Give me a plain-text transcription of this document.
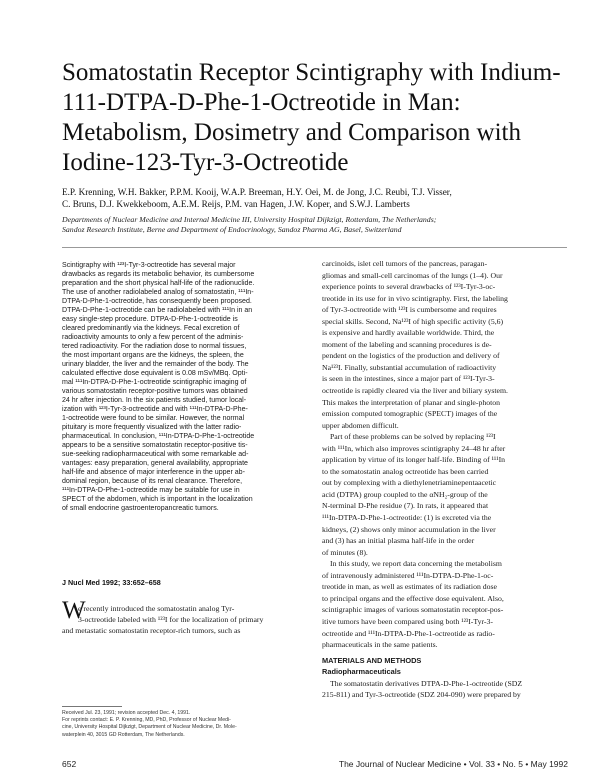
Somatostatin Receptor Scintigraphy with Indium-
111-DTPA-D-Phe-1-Octreotide in Man:
Metabolism, Dosimetry and Comparison with
Iodine-123-Tyr-3-Octreotide
E.P. Krenning, W.H. Bakker, P.P.M. Kooij, W.A.P. Breeman, H.Y. Oei, M. de Jong, J.C. Reubi, T.J. Visser,
C. Bruns, D.J. Kwekkeboom, A.E.M. Reijs, P.M. van Hagen, J.W. Koper, and S.W.J. Lamberts
Departments of Nuclear Medicine and Internal Medicine III, University Hospital Dijkzigt, Rotterdam, The Netherlands;
Sandoz Research Institute, Berne and Department of Endocrinology, Sandoz Pharma AG, Basel, Switzerland
Scintigraphy with ¹²³I-Tyr-3-octreotide has several major
drawbacks as regards its metabolic behavior, its cumbersome
preparation and the short physical half-life of the radionuclide.
The use of another radiolabeled analog of somatostatin, ¹¹¹In-
DTPA-D-Phe-1-octreotide, has consequently been proposed.
DTPA-D-Phe-1-octreotide can be radiolabeled with ¹¹¹In in an
easy single-step procedure. DTPA-D-Phe-1-octreotide is
cleared predominantly via the kidneys. Fecal excretion of
radioactivity amounts to only a few percent of the adminis-
tered radioactivity. For the radiation dose to normal tissues,
the most important organs are the kidneys, the spleen, the
urinary bladder, the liver and the remainder of the body. The
calculated effective dose equivalent is 0.08 mSv/MBq. Opti-
mal ¹¹¹In-DTPA-D-Phe-1-octreotide scintigraphic imaging of
various somatostatin receptor-positive tumors was obtained
24 hr after injection. In the six patients studied, tumor local-
ization with ¹²³I-Tyr-3-octreotide and with ¹¹¹In-DTPA-D-Phe-
1-octreotide were found to be similar. However, the normal
pituitary is more frequently visualized with the latter radio-
pharmaceutical. In conclusion, ¹¹¹In-DTPA-D-Phe-1-octreotide
appears to be a sensitive somatostatin receptor-positive tis-
sue-seeking radiopharmaceutical with some remarkable ad-
vantages: easy preparation, general availability, appropriate
half-life and absence of major interference in the upper ab-
dominal region, because of its renal clearance. Therefore,
¹¹¹In-DTPA-D-Phe-1-octreotide may be suitable for use in
SPECT of the abdomen, which is important in the localization
of small endocrine gastroenteropancreatic tumors.
J Nucl Med 1992; 33:652–658
W
e recently introduced the somatostatin analog Tyr-
3-octreotide labeled with ¹²³I for the localization of primary
and metastatic somatostatin receptor-rich tumors, such as
Received Jul. 23, 1991; revision accepted Dec. 4, 1991.
For reprints contact: E. P. Krenning, MD, PhD, Professor of Nuclear Medi-
cine, University Hospital Dijkzigt, Department of Nuclear Medicine, Dr. Mole-
waterplein 40, 3015 GD Rotterdam, The Netherlands.
carcinoids, islet cell tumors of the pancreas, paragan-
gliomas and small-cell carcinomas of the lungs (1–4). Our
experience points to several drawbacks of ¹²³I-Tyr-3-oc-
treotide in its use for in vivo scintigraphy. First, the labeling
of Tyr-3-octreotide with ¹²³I is cumbersome and requires
special skills. Second, Na¹²³I of high specific activity (5,6)
is expensive and hardly available worldwide. Third, the
moment of the labeling and scanning procedures is de-
pendent on the logistics of the production and delivery of
Na¹²³I. Finally, substantial accumulation of radioactivity
is seen in the intestines, since a major part of ¹²³I-Tyr-3-
octreotide is rapidly cleared via the liver and biliary system.
This makes the interpretation of planar and single-photon
emission computed tomographic (SPECT) images of the
upper abdomen difficult.
Part of these problems can be solved by replacing ¹²³I
with ¹¹¹In, which also improves scintigraphy 24–48 hr after
application by virtue of its longer half-life. Binding of ¹¹¹In
to the somatostatin analog octreotide has been carried
out by complexing with a diethylenetriaminepentaacetic
acid (DTPA) group coupled to the αNH₂-group of the
N-terminal D-Phe residue (7). In rats, it appeared that
¹¹¹In-DTPA-D-Phe-1-octreotide: (1) is excreted via the
kidneys, (2) shows only minor accumulation in the liver
and (3) has an initial plasma half-life in the order
of minutes (8).
In this study, we report data concerning the metabolism
of intravenously administered ¹¹¹In-DTPA-D-Phe-1-oc-
treotide in man, as well as estimates of its radiation dose
to principal organs and the effective dose equivalent. Also,
scintigraphic images of various somatostatin receptor-pos-
itive tumors have been compared using both ¹²³I-Tyr-3-
octreotide and ¹¹¹In-DTPA-D-Phe-1-octreotide as radio-
pharmaceuticals in the same patients.
MATERIALS AND METHODS
Radiopharmaceuticals
The somatostatin derivatives DTPA-D-Phe-1-octreotide (SDZ
215-811) and Tyr-3-octreotide (SDZ 204-090) were prepared by
652	The Journal of Nuclear Medicine • Vol. 33 • No. 5 • May 1992
